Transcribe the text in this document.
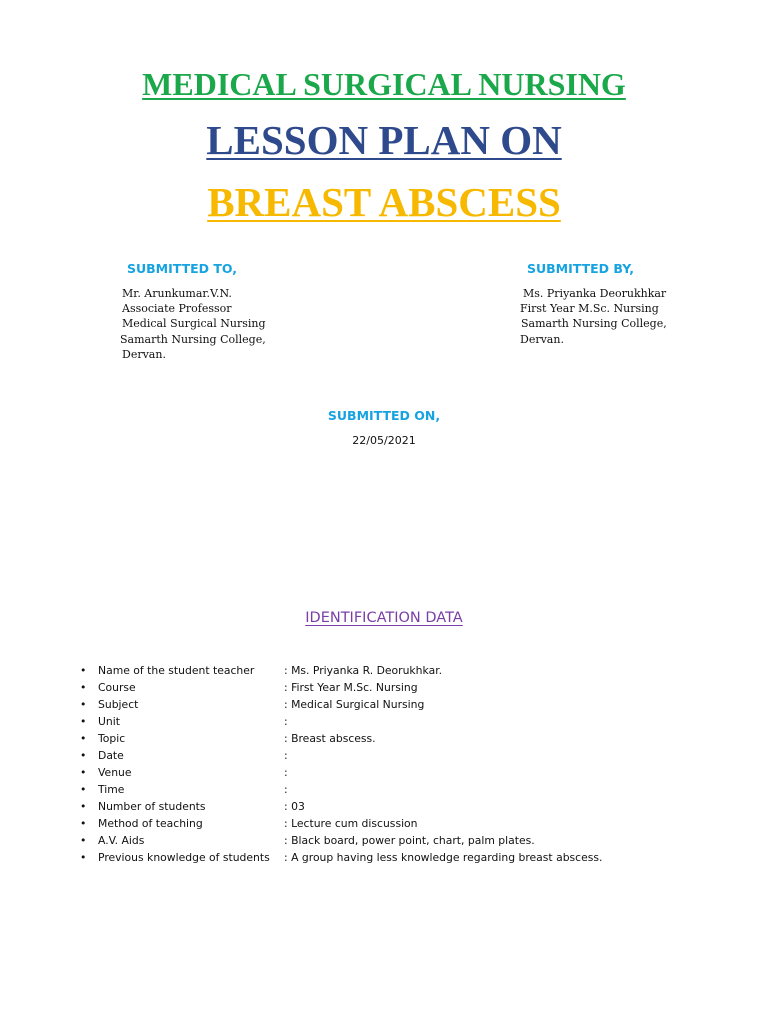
MEDICAL SURGICAL NURSING
LESSON PLAN ON
BREAST ABSCESS
SUBMITTED TO,
Mr. Arunkumar.V.N.
Associate Professor
Medical Surgical Nursing
Samarth Nursing College,
Dervan.
SUBMITTED BY,
Ms. Priyanka Deorukhkar
First Year M.Sc. Nursing
Samarth Nursing College,
Dervan.
SUBMITTED ON,
22/05/2021
IDENTIFICATION DATA
• Name of the student teacher	: Ms. Priyanka R. Deorukhkar.
• Course	: First Year M.Sc. Nursing
• Subject	: Medical Surgical Nursing
• Unit	:
• Topic	: Breast abscess.
• Date	:
• Venue	:
• Time	:
• Number of students	: 03
• Method of teaching	: Lecture cum discussion
• A.V. Aids	: Black board, power point, chart, palm plates.
• Previous knowledge of students : A group having less knowledge regarding breast abscess.
